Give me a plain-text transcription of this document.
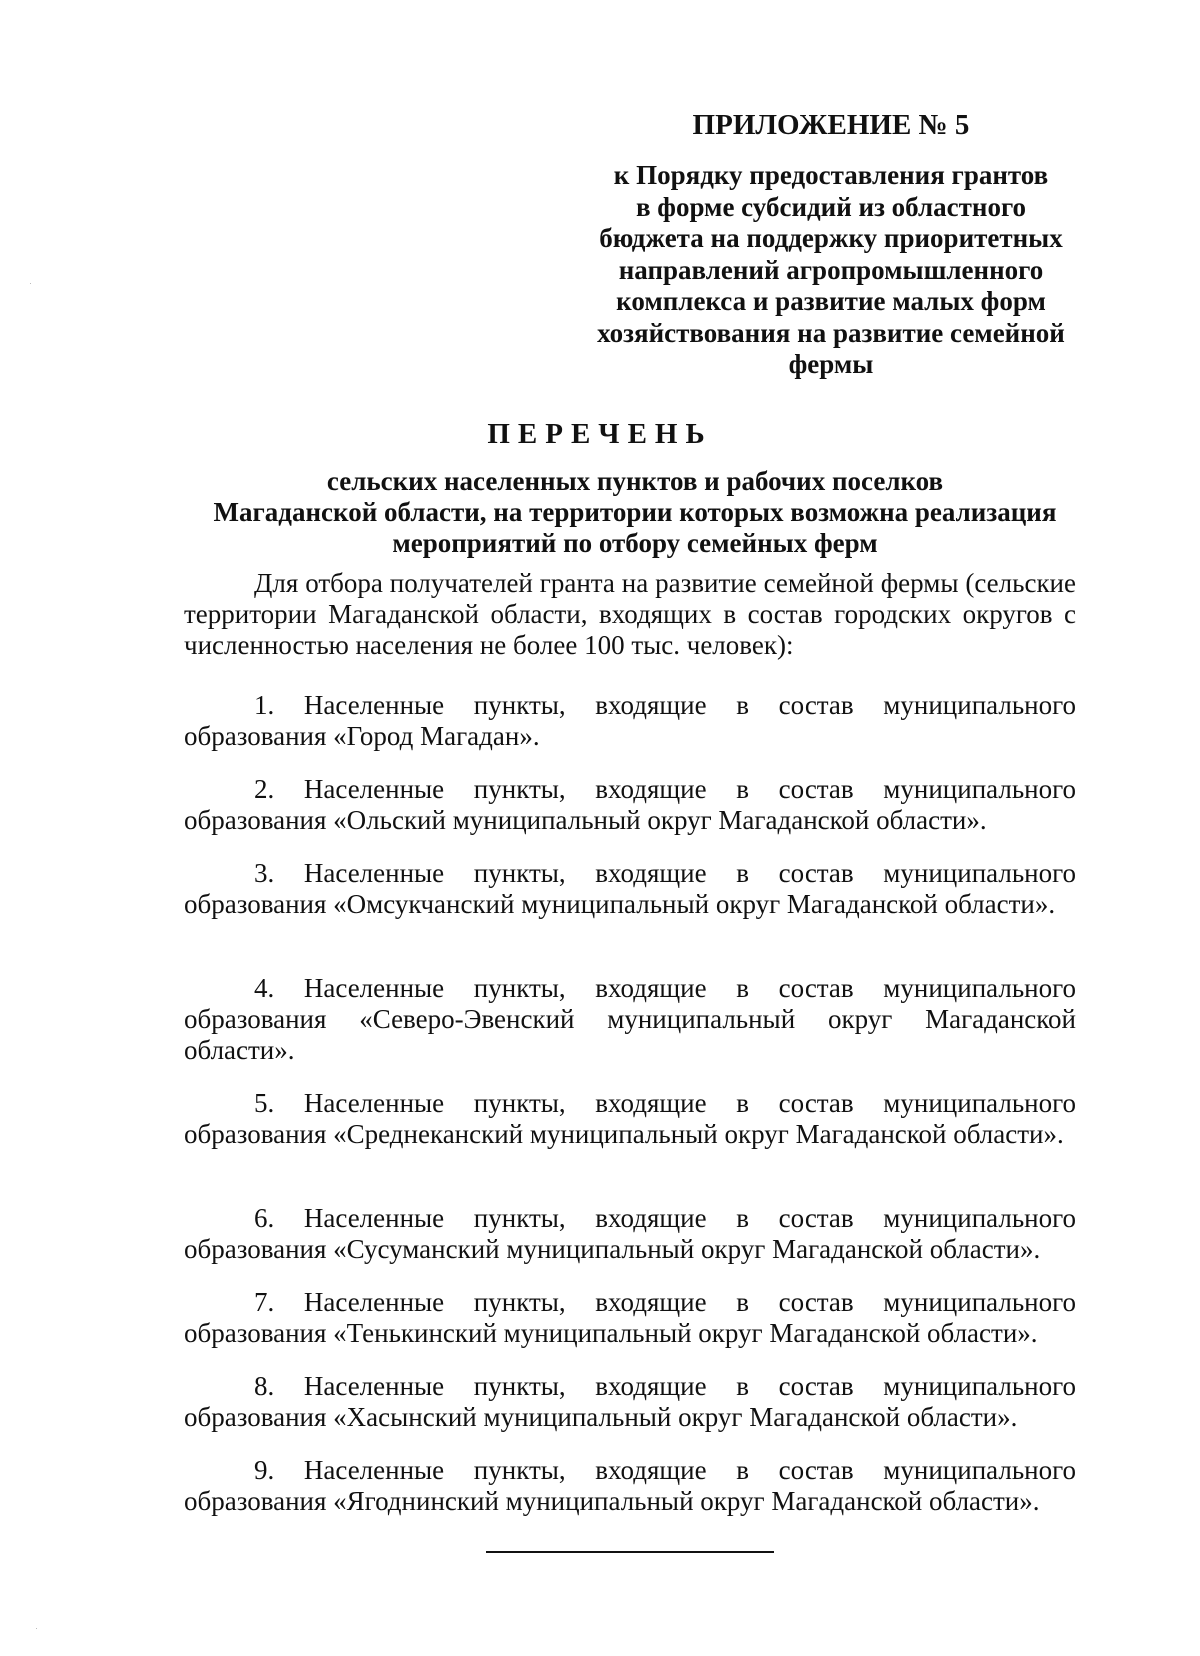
ПРИЛОЖЕНИЕ № 5

к Порядку предоставления грантов

в форме субсидий из областного

бюджета на поддержку приоритетных

направлений агропромышленного

комплекса и развитие малых форм

хозяйствования на развитие семейной

фермы

ПЕРЕЧЕНЬ
сельских населенных пунктов и рабочих поселков
Магаданской области, на территории которых возможна реализация
мероприятий по отбору семейных ферм

Для отбора получателей гранта на развитие семейной фермы (сельские территории Магаданской области, входящих в состав городских округов с численностью населения не более 100 тыс. человек):

1. Населенные пункты, входящие в состав муниципального образования «Город Магадан».

2. Населенные пункты, входящие в состав муниципального образования «Ольский муниципальный округ Магаданской области».

3. Населенные пункты, входящие в состав муниципального образования «Омсукчанский муниципальный округ Магаданской области».

4. Населенные пункты, входящие в состав муниципального образования «Северо-Эвенский муниципальный округ Магаданской области».

5. Населенные пункты, входящие в состав муниципального образования «Среднеканский муниципальный округ Магаданской области».

6. Населенные пункты, входящие в состав муниципального образования «Сусуманский муниципальный округ Магаданской области».

7. Населенные пункты, входящие в состав муниципального образования «Тенькинский муниципальный округ Магаданской области».

8. Населенные пункты, входящие в состав муниципального образования «Хасынский муниципальный округ Магаданской области».

9. Населенные пункты, входящие в состав муниципального образования «Ягоднинский муниципальный округ Магаданской области».
